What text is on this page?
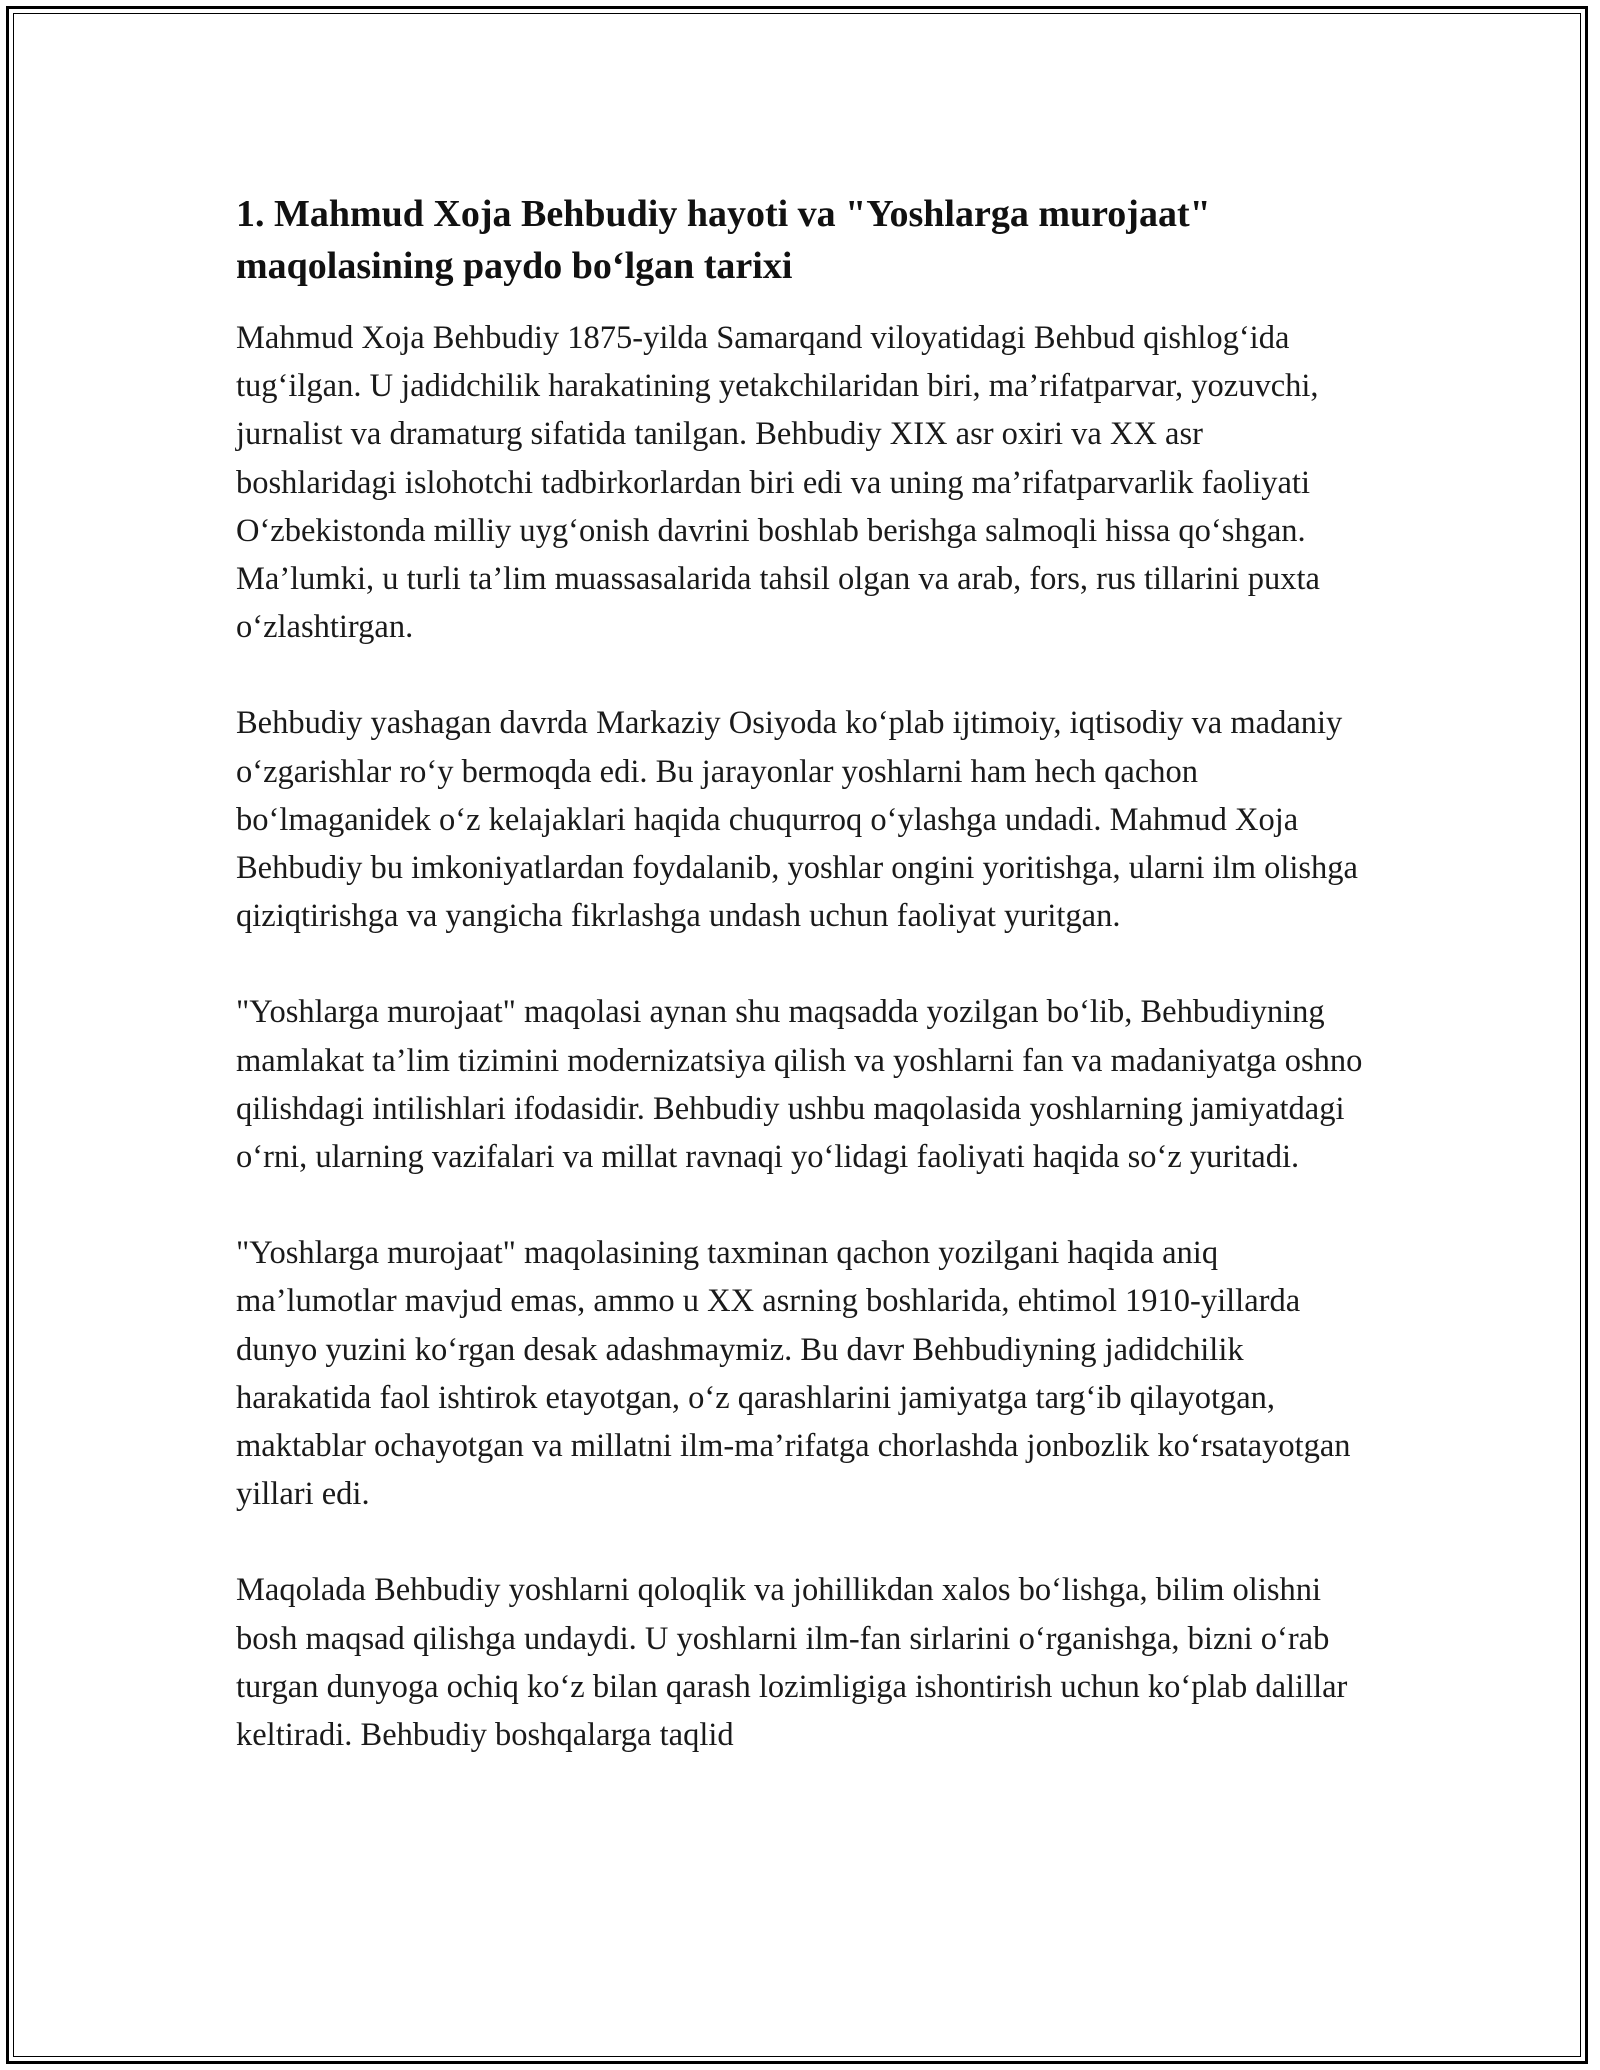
1. Mahmud Xoja Behbudiy hayoti va "Yoshlarga murojaat"
maqolasining paydo bo‘lgan tarixi

Mahmud Xoja Behbudiy 1875-yilda Samarqand viloyatidagi Behbud qishlog‘ida tug‘ilgan. U jadidchilik harakatining yetakchilaridan biri, ma’rifatparvar, yozuvchi, jurnalist va dramaturg sifatida tanilgan. Behbudiy XIX asr oxiri va XX asr boshlaridagi islohotchi tadbirkorlardan biri edi va uning ma’rifatparvarlik faoliyati O‘zbekistonda milliy uyg‘onish davrini boshlab berishga salmoqli hissa qo‘shgan. Ma’lumki, u turli ta’lim muassasalarida tahsil olgan va arab, fors, rus tillarini puxta o‘zlashtirgan.

Behbudiy yashagan davrda Markaziy Osiyoda ko‘plab ijtimoiy, iqtisodiy va madaniy o‘zgarishlar ro‘y bermoqda edi. Bu jarayonlar yoshlarni ham hech qachon bo‘lmaganidek o‘z kelajaklari haqida chuqurroq o‘ylashga undadi. Mahmud Xoja Behbudiy bu imkoniyatlardan foydalanib, yoshlar ongini yoritishga, ularni ilm olishga qiziqtirishga va yangicha fikrlashga undash uchun faoliyat yuritgan.

"Yoshlarga murojaat" maqolasi aynan shu maqsadda yozilgan bo‘lib, Behbudiyning mamlakat ta’lim tizimini modernizatsiya qilish va yoshlarni fan va madaniyatga oshno qilishdagi intilishlari ifodasidir. Behbudiy ushbu maqolasida yoshlarning jamiyatdagi o‘rni, ularning vazifalari va millat ravnaqi yo‘lidagi faoliyati haqida so‘z yuritadi.

"Yoshlarga murojaat" maqolasining taxminan qachon yozilgani haqida aniq ma’lumotlar mavjud emas, ammo u XX asrning boshlarida, ehtimol 1910-yillarda dunyo yuzini ko‘rgan desak adashmaymiz. Bu davr Behbudiyning jadidchilik harakatida faol ishtirok etayotgan, o‘z qarashlarini jamiyatga targ‘ib qilayotgan, maktablar ochayotgan va millatni ilm-ma’rifatga chorlashda jonbozlik ko‘rsatayotgan yillari edi.

Maqolada Behbudiy yoshlarni qoloqlik va johillikdan xalos bo‘lishga, bilim olishni bosh maqsad qilishga undaydi. U yoshlarni ilm-fan sirlarini o‘rganishga, bizni o‘rab turgan dunyoga ochiq ko‘z bilan qarash lozimligiga ishontirish uchun ko‘plab dalillar keltiradi. Behbudiy boshqalarga taqlid
